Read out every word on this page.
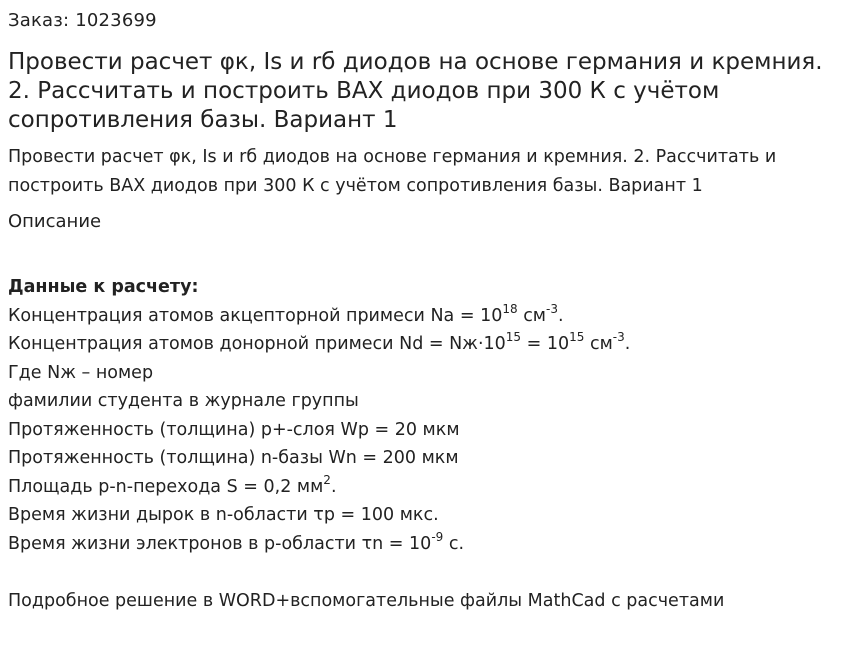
Заказ: 1023699
Провести расчет φк, Is и rб диодов на основе германия и кремния. 2. Рассчитать и построить ВАХ диодов при 300 К с учётом сопротивления базы. Вариант 1
Провести расчет φк, Is и rб диодов на основе германия и кремния. 2. Рассчитать и построить ВАХ диодов при 300 К с учётом сопротивления базы. Вариант 1
Описание
Данные к расчету:
Концентрация атомов акцепторной примеси $Na = 10^{18}$ $см^{-3}$.
Концентрация атомов донорной примеси $Nd = Nж\cdot 10^{15} = 10^{15}$ $см^{-3}$.
Где Nж – номер
фамилии студента в журнале группы
Протяженность (толщина) p+-слоя Wp = 20 мкм
Протяженность (толщина) n-базы Wn = 200 мкм
Площадь p-n-перехода S = 0,2 $мм^2$.
Время жизни дырок в n-области τp = 100 мкс.
Время жизни электронов в p-области $\tau n = 10^{-9}$ с.
Подробное решение в WORD+вспомогательные файлы MathCad с расчетами
